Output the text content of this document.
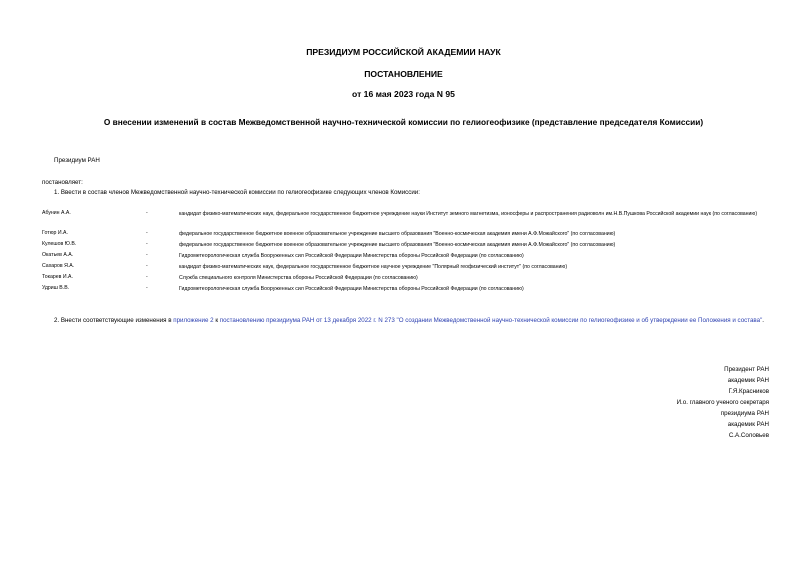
ПРЕЗИДИУМ РОССИЙСКОЙ АКАДЕМИИ НАУК
ПОСТАНОВЛЕНИЕ
от 16 мая 2023 года N 95
О внесении изменений в состав Межведомственной научно-технической комиссии по гелиогеофизике (представление председателя Комиссии)
Президиум РАН
постановляет:
1. Ввести в состав членов Межведомственной научно-технической комиссии по гелиогеофизике следующих членов Комиссии:
Абунин А.А.	-	кандидат физико-математических наук, федеральное государственное бюджетное учреждение науки Институт земного магнетизма, ионосферы и распространения радиоволн им.Н.В.Пушкова Российской академии наук (по согласованию)
Готюр И.А.	-	федеральное государственное бюджетное военное образовательное учреждение высшего образования "Военно-космическая академия имени А.Ф.Можайского" (по согласованию)
Кулешов Ю.В.	-	федеральное государственное бюджетное военное образовательное учреждение высшего образования "Военно-космическая академия имени А.Ф.Можайского" (по согласованию)
Окатьев А.А.	-	Гидрометеорологическая служба Вооруженных сил Российской Федерации Министерства обороны Российской Федерации (по согласованию)
Сахаров Я.А.	-	кандидат физико-математических наук, федеральное государственное бюджетное научное учреждение "Полярный геофизический институт" (по согласованию)
Токарев И.А.	-	Служба специального контроля Министерства обороны Российской Федерации (по согласованию)
Удриш В.В.	-	Гидрометеорологическая служба Вооруженных сил Российской Федерации Министерства обороны Российской Федерации (по согласованию)
2. Внести соответствующие изменения в приложение 2 к постановлению президиума РАН от 13 декабря 2022 г. N 273 "О создании Межведомственной научно-технической комиссии по гелиогеофизике и об утверждении ее Положения и состава".
Президент РАН
академик РАН
Г.Я.Красников
И.о. главного ученого секретаря
президиума РАН
академик РАН
С.А.Соловьев
